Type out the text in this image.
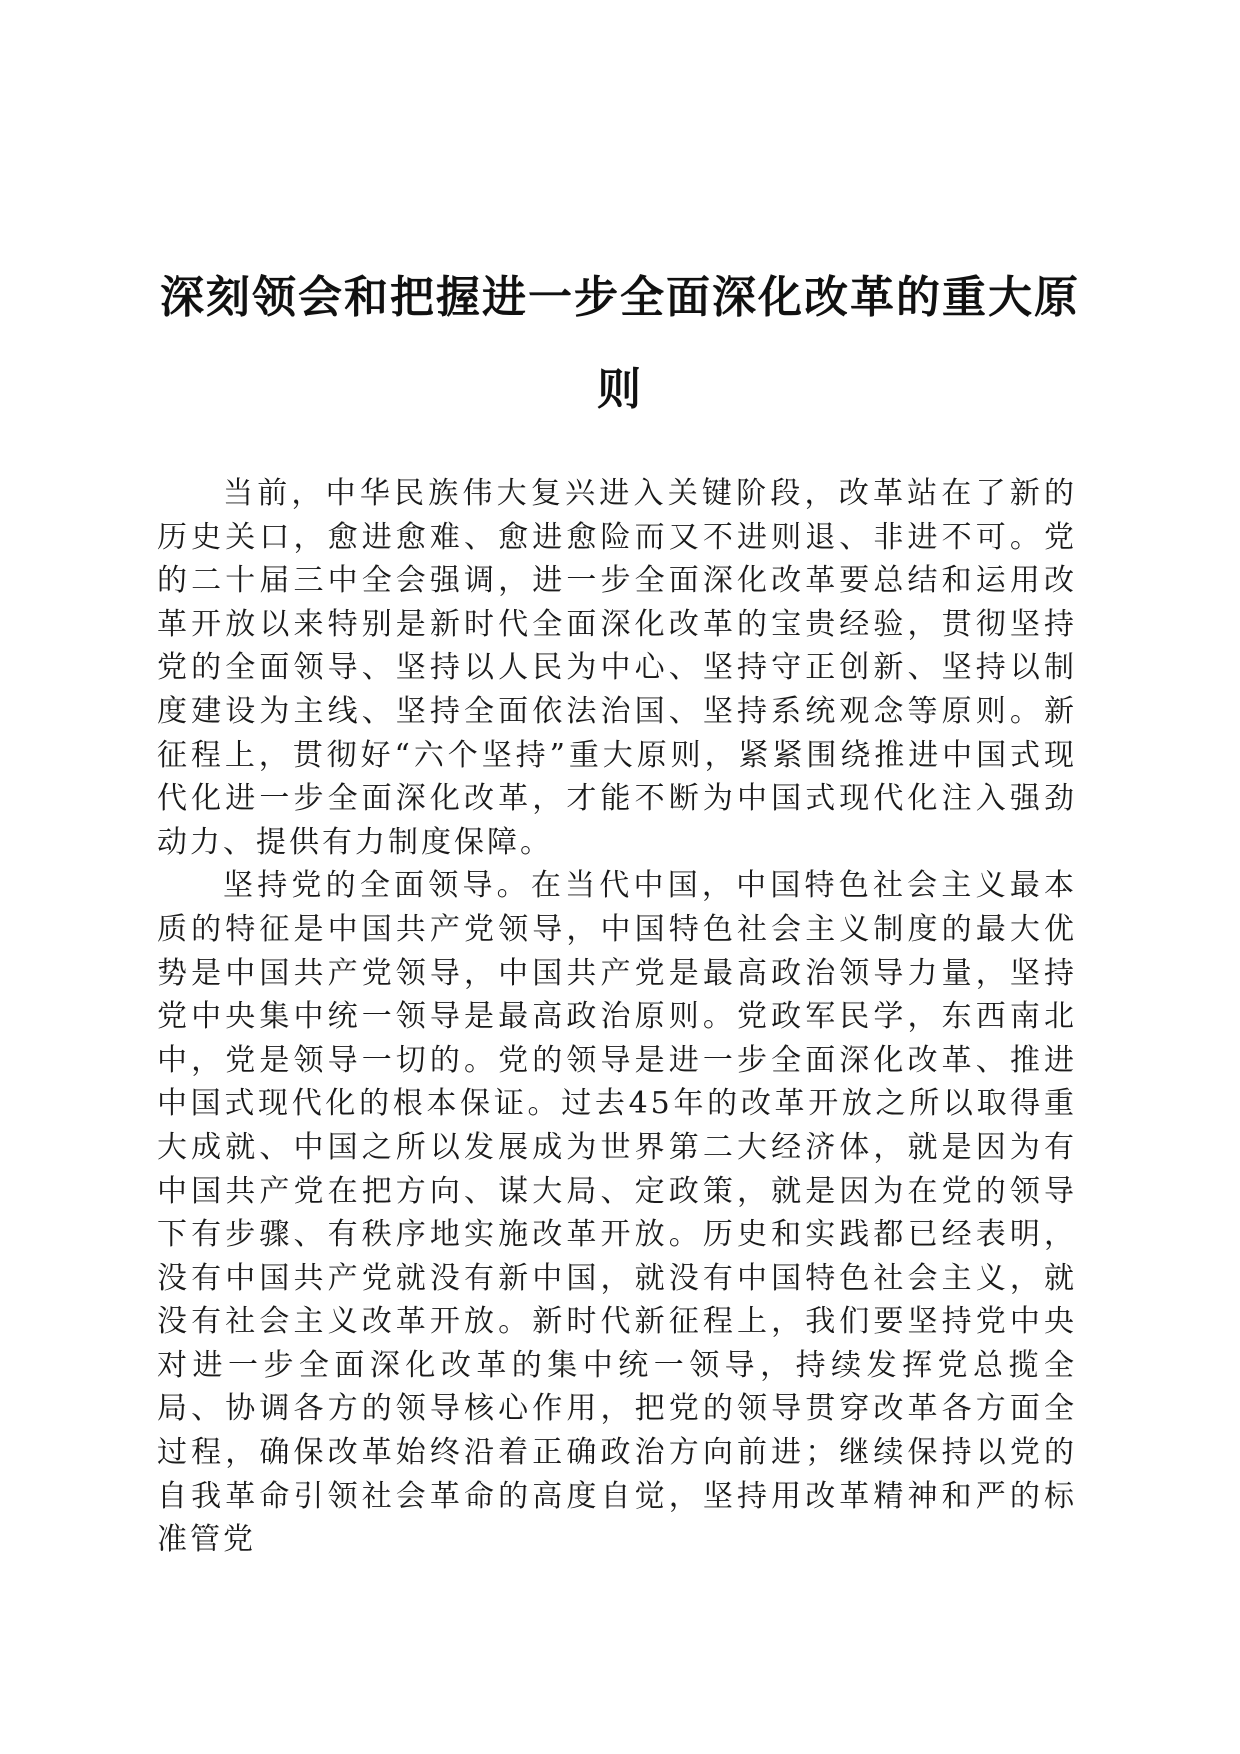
深刻领会和把握进一步全面深化改革的重大原则

当前，中华民族伟大复兴进入关键阶段，改革站在了新的历史关口，愈进愈难、愈进愈险而又不进则退、非进不可。党的二十届三中全会强调，进一步全面深化改革要总结和运用改革开放以来特别是新时代全面深化改革的宝贵经验，贯彻坚持党的全面领导、坚持以人民为中心、坚持守正创新、坚持以制度建设为主线、坚持全面依法治国、坚持系统观念等原则。新征程上，贯彻好“六个坚持”重大原则，紧紧围绕推进中国式现代化进一步全面深化改革，才能不断为中国式现代化注入强劲动力、提供有力制度保障。

坚持党的全面领导。在当代中国，中国特色社会主义最本质的特征是中国共产党领导，中国特色社会主义制度的最大优势是中国共产党领导，中国共产党是最高政治领导力量，坚持党中央集中统一领导是最高政治原则。党政军民学，东西南北中，党是领导一切的。党的领导是进一步全面深化改革、推进中国式现代化的根本保证。过去45年的改革开放之所以取得重大成就、中国之所以发展成为世界第二大经济体，就是因为有中国共产党在把方向、谋大局、定政策，就是因为在党的领导下有步骤、有秩序地实施改革开放。历史和实践都已经表明，没有中国共产党就没有新中国，就没有中国特色社会主义，就没有社会主义改革开放。新时代新征程上，我们要坚持党中央对进一步全面深化改革的集中统一领导，持续发挥党总揽全局、协调各方的领导核心作用，把党的领导贯穿改革各方面全过程，确保改革始终沿着正确政治方向前进；继续保持以党的自我革命引领社会革命的高度自觉，坚持用改革精神和严的标准管党
